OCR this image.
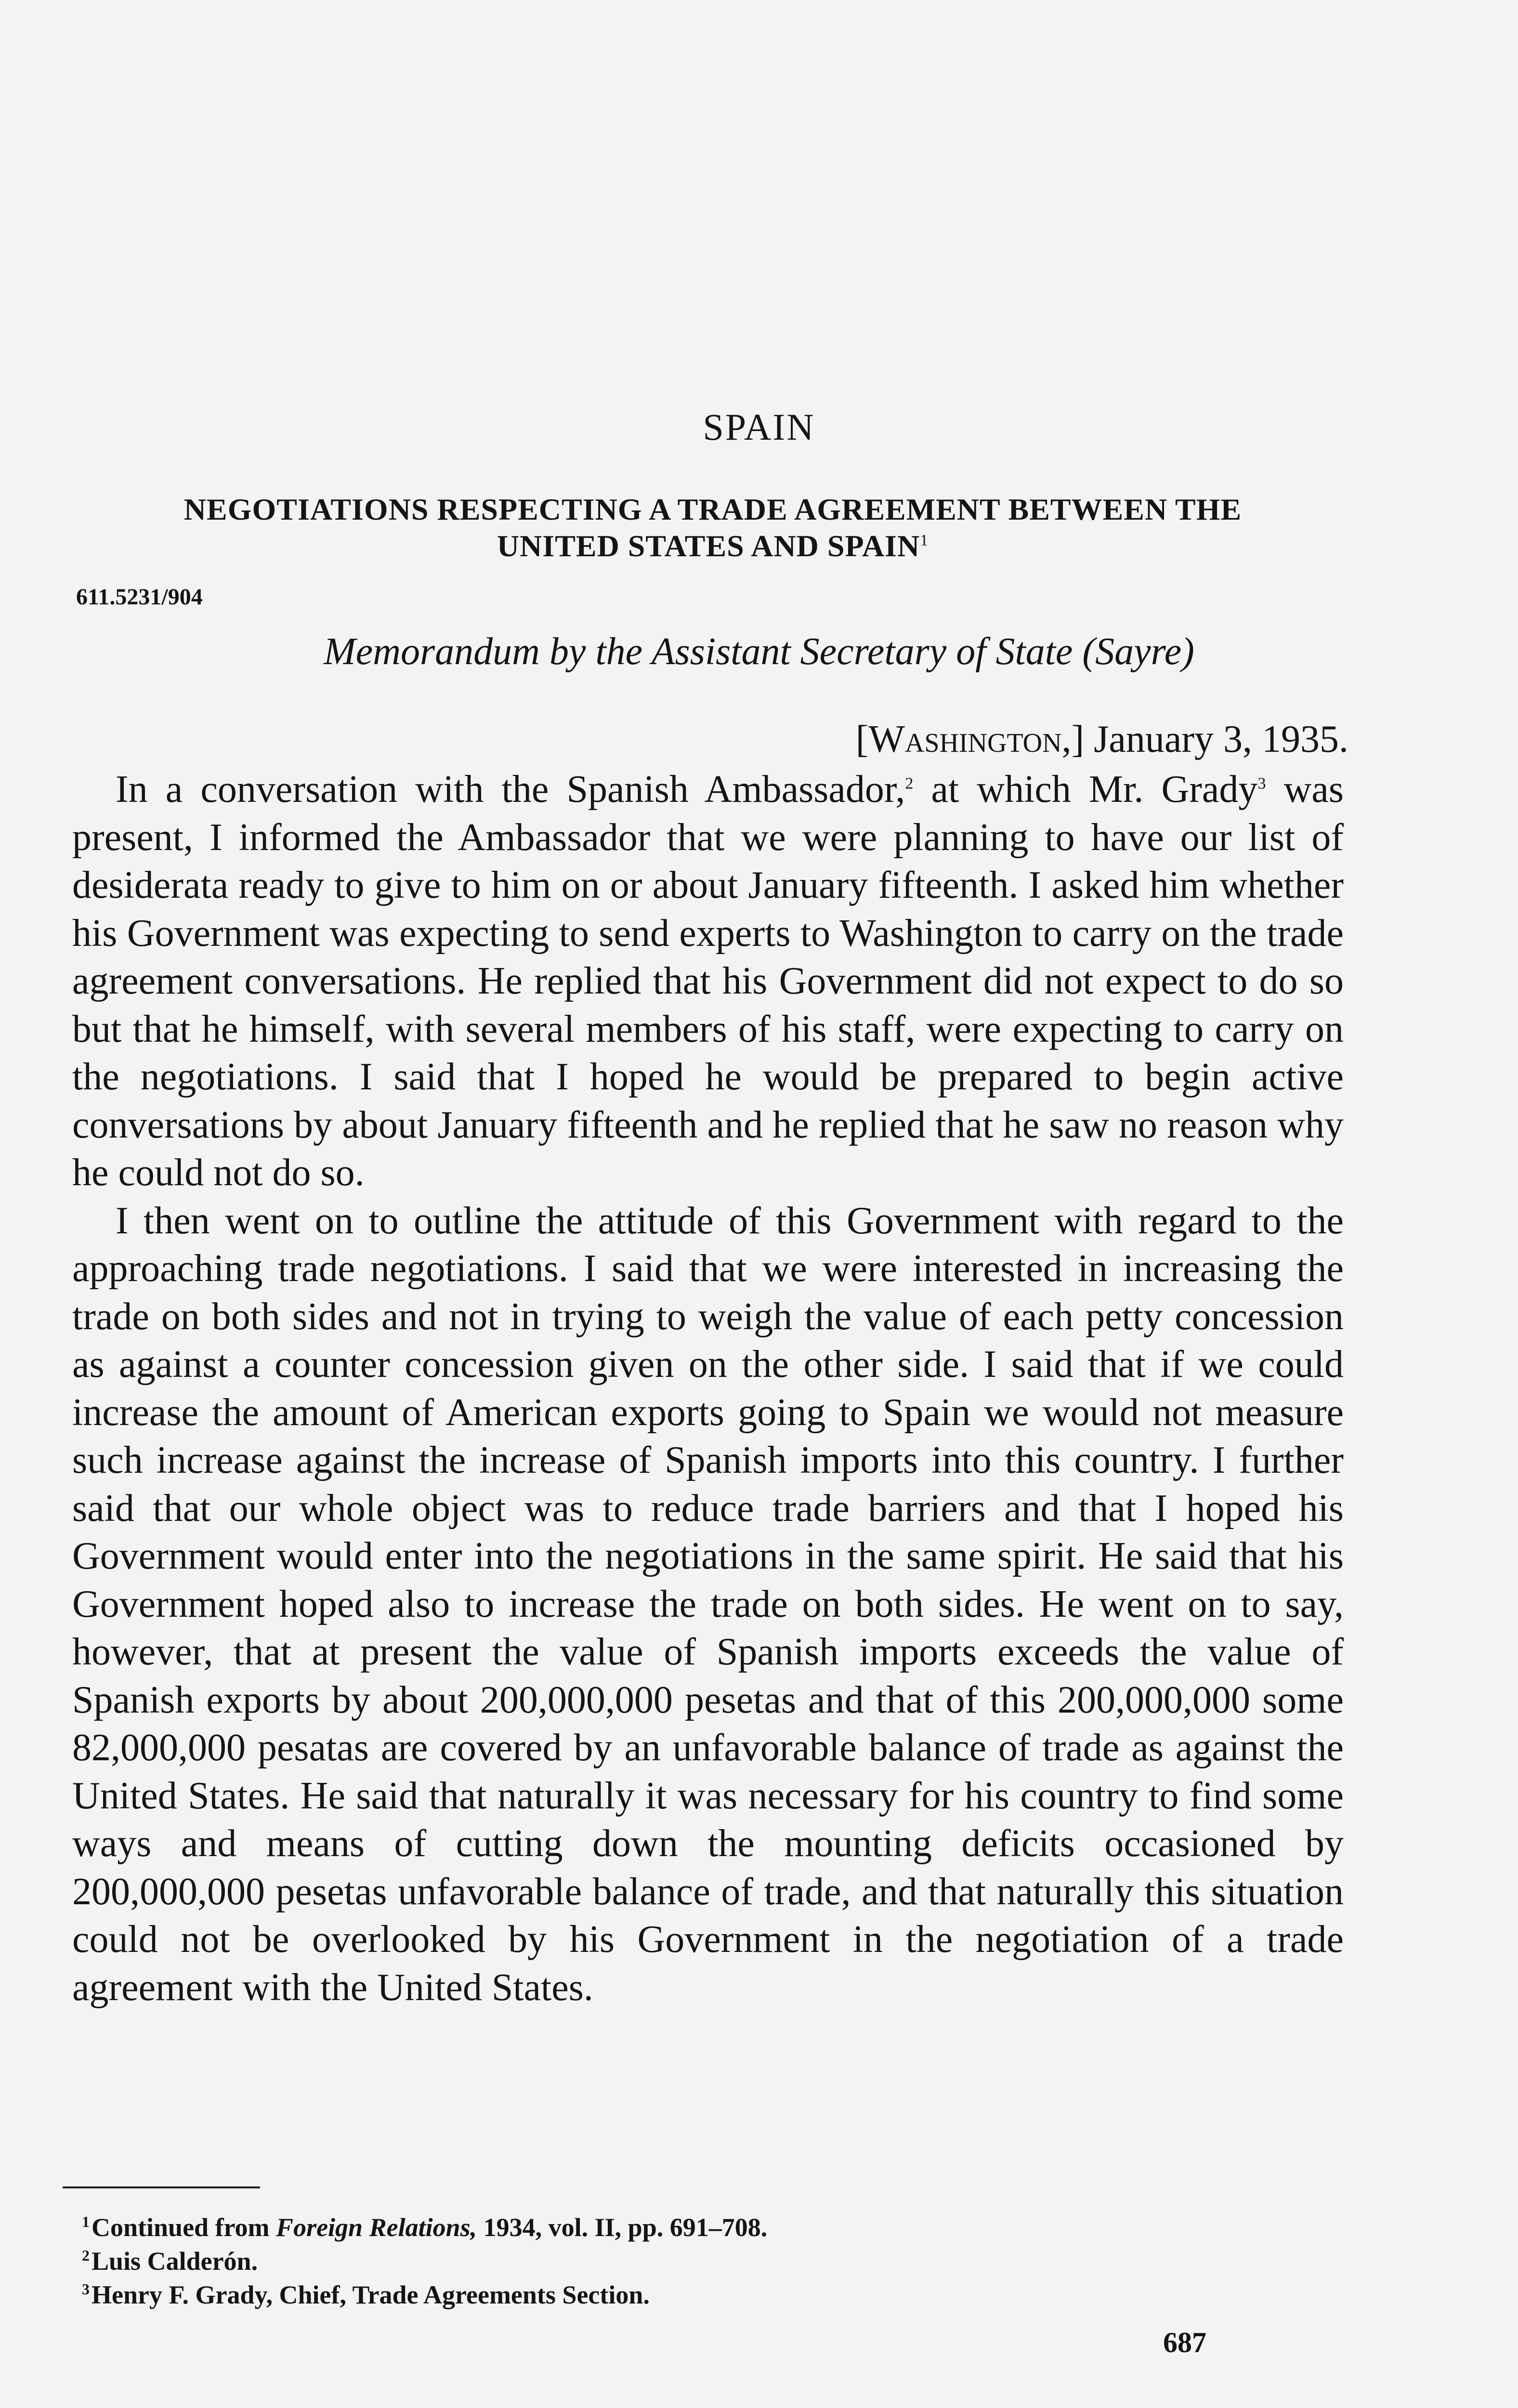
SPAIN
NEGOTIATIONS RESPECTING A TRADE AGREEMENT BETWEEN THE
UNITED STATES AND SPAIN$^1$
611.5231/904
Memorandum by the Assistant Secretary of State (Sayre)
[Washington,] January 3, 1935.

In a conversation with the Spanish Ambassador,$^2$ at which Mr. Grady$^3$ was present, I informed the Ambassador that we were planning to have our list of desiderata ready to give to him on or about January fifteenth. I asked him whether his Government was expecting to send experts to Washington to carry on the trade agreement conversations. He replied that his Government did not expect to do so but that he himself, with several members of his staff, were expecting to carry on the negotiations. I said that I hoped he would be prepared to begin active conversations by about January fifteenth and he replied that he saw no reason why he could not do so.

I then went on to outline the attitude of this Government with regard to the approaching trade negotiations. I said that we were interested in increasing the trade on both sides and not in trying to weigh the value of each petty concession as against a counter concession given on the other side. I said that if we could increase the amount of American exports going to Spain we would not measure such increase against the increase of Spanish imports into this country. I further said that our whole object was to reduce trade barriers and that I hoped his Government would enter into the negotiations in the same spirit. He said that his Government hoped also to increase the trade on both sides. He went on to say, however, that at present the value of Spanish imports exceeds the value of Spanish exports by about 200,000,000 pesetas and that of this 200,000,000 some 82,000,000 pesatas are covered by an unfavorable balance of trade as against the United States. He said that naturally it was necessary for his country to find some ways and means of cutting down the mounting deficits occasioned by 200,000,000 pesetas unfavorable balance of trade, and that naturally this situation could not be overlooked by his Government in the negotiation of a trade agreement with the United States.

$^1$Continued from Foreign Relations, 1934, vol. II, pp. 691–708.

$^2$Luis Calderón.

$^3$Henry F. Grady, Chief, Trade Agreements Section.

687
